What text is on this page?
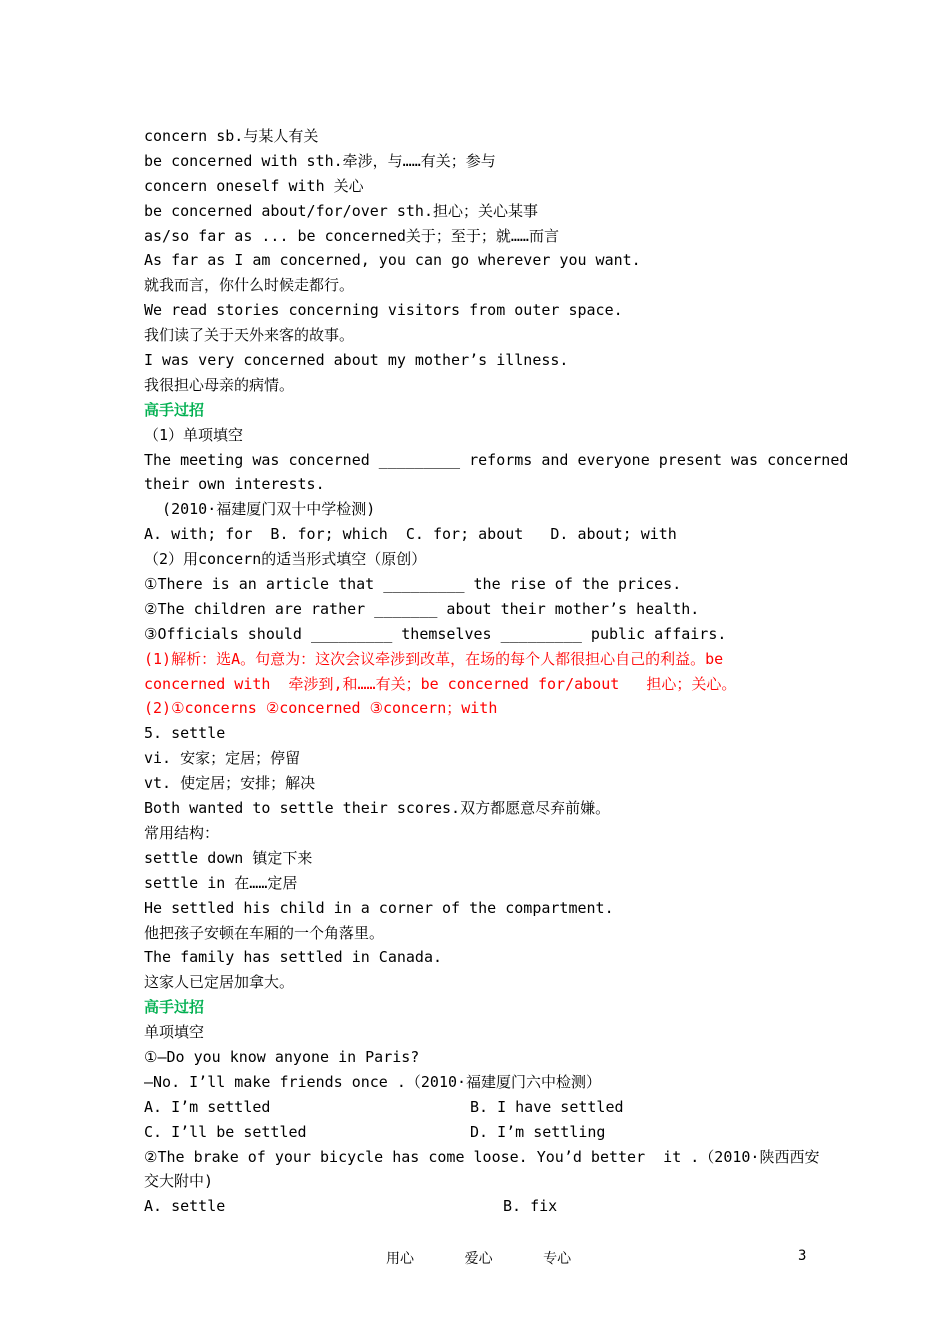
concern sb.与某人有关
be concerned with sth.牵涉，与……有关；参与
concern oneself with 关心
be concerned about/for/over sth.担心；关心某事
as/so far as ... be concerned关于；至于；就……而言
As far as I am concerned, you can go wherever you want.
就我而言，你什么时候走都行。
We read stories concerning visitors from outer space.
我们读了关于天外来客的故事。
I was very concerned about my mother’s illness.
我很担心母亲的病情。
高手过招
（1）单项填空
The meeting was concerned _________ reforms and everyone present was concerned
their own interests.
(2010·福建厦门双十中学检测)
A. with; for  B. for; which  C. for; about   D. about; with
（2）用concern的适当形式填空（原创）
①There is an article that _________ the rise of the prices.
②The children are rather _______ about their mother’s health.
③Officials should _________ themselves _________ public affairs.
(1)解析：选A。句意为：这次会议牵涉到改革，在场的每个人都很担心自己的利益。be
concerned with  牵涉到,和……有关；be concerned for/about   担心；关心。
(2)①concerns ②concerned ③concern；with
5. settle
vi. 安家；定居；停留
vt. 使定居；安排；解决
Both wanted to settle their scores.双方都愿意尽弃前嫌。
常用结构：
settle down 镇定下来
settle in 在……定居
He settled his child in a corner of the compartment.
他把孩子安顿在车厢的一个角落里。
The family has settled in Canada.
这家人已定居加拿大。
高手过招
单项填空
①—Do you know anyone in Paris?
—No. I’ll make friends once .（2010·福建厦门六中检测）
A. I’m settled	B. I have settled
C. I’ll be settled	D. I’m settling
②The brake of your bicycle has come loose. You’d better  it .（2010·陕西西安
交大附中)
A. settle	B. fix
用心      爱心      专心	3
